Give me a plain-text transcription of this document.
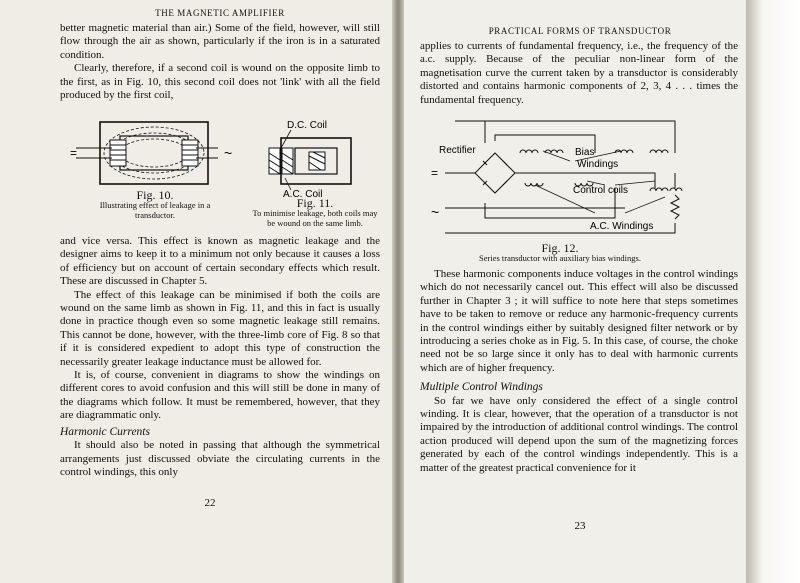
THE MAGNETIC AMPLIFIER

better magnetic material than air.) Some of the field, however, will still flow through the air as shown, particularly if the iron is in a saturated condition.

Clearly, therefore, if a second coil is wound on the opposite limb to the first, as in Fig. 10, this second coil does not 'link' with all the field produced by the first coil,

=	~
Fig. 10.
Illustrating effect of leakage in a transductor.
D.C. Coil
A.C. Coil
Fig. 11.
To minimise leakage, both coils may be wound on the same limb.

and vice versa. This effect is known as magnetic leakage and the designer aims to keep it to a minimum not only because it causes a loss of efficiency but on account of certain secondary effects which result. These are discussed in Chapter 5.

The effect of this leakage can be minimised if both the coils are wound on the same limb as shown in Fig. 11, and this in fact is usually done in practice though even so some magnetic leakage still remains. This cannot be done, however, with the three-limb core of Fig. 8 so that if it is considered expedient to adopt this type of construction the necessarily greater leakage inductance must be allowed for.

It is, of course, convenient in diagrams to show the windings on different cores to avoid confusion and this will still be done in many of the diagrams which follow. It must be remembered, however, that they are diagrammatic only.

Harmonic Currents

It should also be noted in passing that although the symmetrical arrangements just discussed obviate the circulating currents in the control windings, this only

22
PRACTICAL FORMS OF TRANSDUCTOR

applies to currents of fundamental frequency, i.e., the frequency of the a.c. supply. Because of the peculiar non-linear form of the magnetisation curve the current taken by a transductor is considerably distorted and contains harmonic components of 2, 3, 4 . . . times the fundamental frequency.

Rectifier	Bias
Windings
Control coils
A.C. Windings
=
~
Fig. 12.
Series transductor with auxiliary bias windings.

These harmonic components induce voltages in the control windings which do not necessarily cancel out. This effect will also be discussed further in Chapter 3 ; it will suffice to note here that steps sometimes have to be taken to remove or reduce any harmonic-frequency currents in the control windings either by suitably designed filter network or by introducing a series choke as in Fig. 5. In this case, of course, the choke need not be so large since it only has to deal with harmonic currents which are of higher frequency.

Multiple Control Windings

So far we have only considered the effect of a single control winding. It is clear, however, that the operation of a transductor is not impaired by the introduction of additional control windings. The control action produced will depend upon the sum of the magnetizing forces generated by each of the control windings independently. This is a matter of the greatest practical convenience for it

23
